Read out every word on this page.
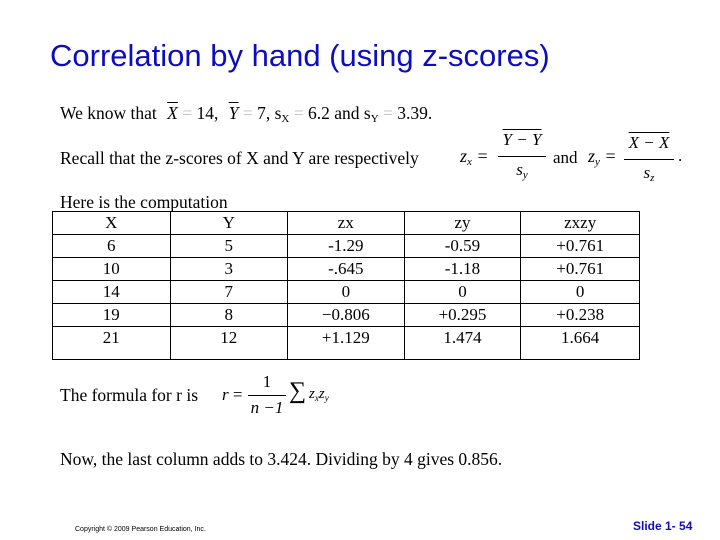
Correlation by hand (using z-scores)
We know that $\overline{X} = 14$, $\overline{Y} = 7$, $s_X = 6.2$ and $s_Y = 3.39$.
Recall that the z-scores of X and Y are respectively $z_x$ =
Y − Y
$s_y$
and $z_y$ =
X − X
$s_z$
.
Here is the computation
X	Y	zx	zy	zxzy
6	5	-1.29	-0.59	+0.761
10	3	-.645	-1.18	+0.761
14	7	0	0	0
19	8	−0.806	+0.295	+0.238
21	12	+1.129	1.474	1.664

The formula for r is r =
1
n −1
∑ $z_xz_y$
Now, the last column adds to 3.424. Dividing by 4 gives 0.856.
Copyright © 2009 Pearson Education, Inc.	Slide 1- 54
